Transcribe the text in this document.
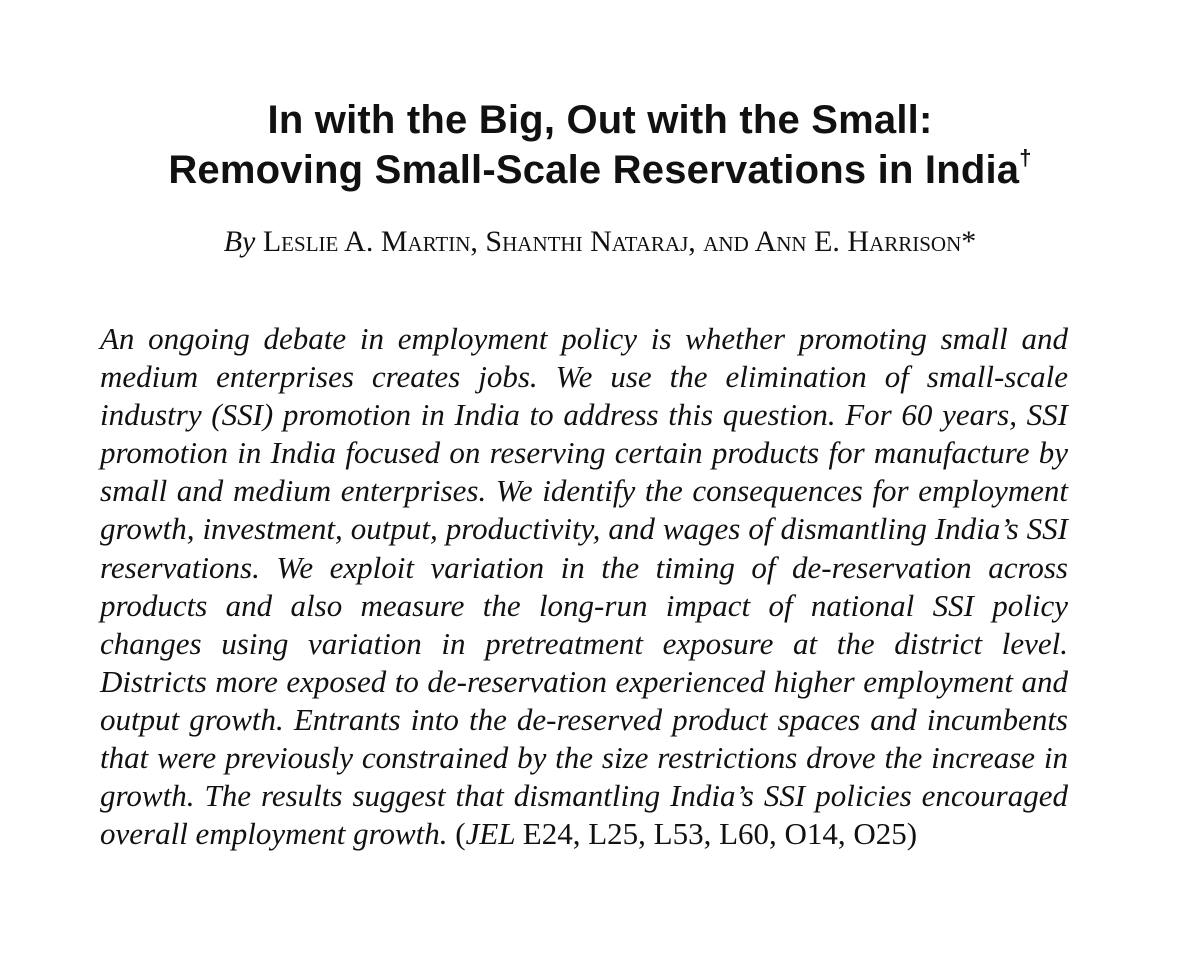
In with the Big, Out with the Small:
Removing Small-Scale Reservations in India†
By Leslie A. Martin, Shanthi Nataraj, and Ann E. Harrison*

An ongoing debate in employment policy is whether promoting small and medium enterprises creates jobs. We use the elimination of small-scale industry (SSI) promotion in India to address this question. For 60 years, SSI promotion in India focused on reserving certain products for manufacture by small and medium enterprises. We identify the consequences for employment growth, investment, output, productivity, and wages of dismantling India’s SSI reservations. We exploit variation in the timing of de-reservation across products and also measure the long-run impact of national SSI policy changes using variation in pretreatment exposure at the district level. Districts more exposed to de-reservation experienced higher employment and output growth. Entrants into the de-reserved product spaces and incumbents that were previously constrained by the size restrictions drove the increase in growth. The results suggest that dismantling India’s SSI policies encouraged overall employment growth. (JEL E24, L25, L53, L60, O14, O25)
